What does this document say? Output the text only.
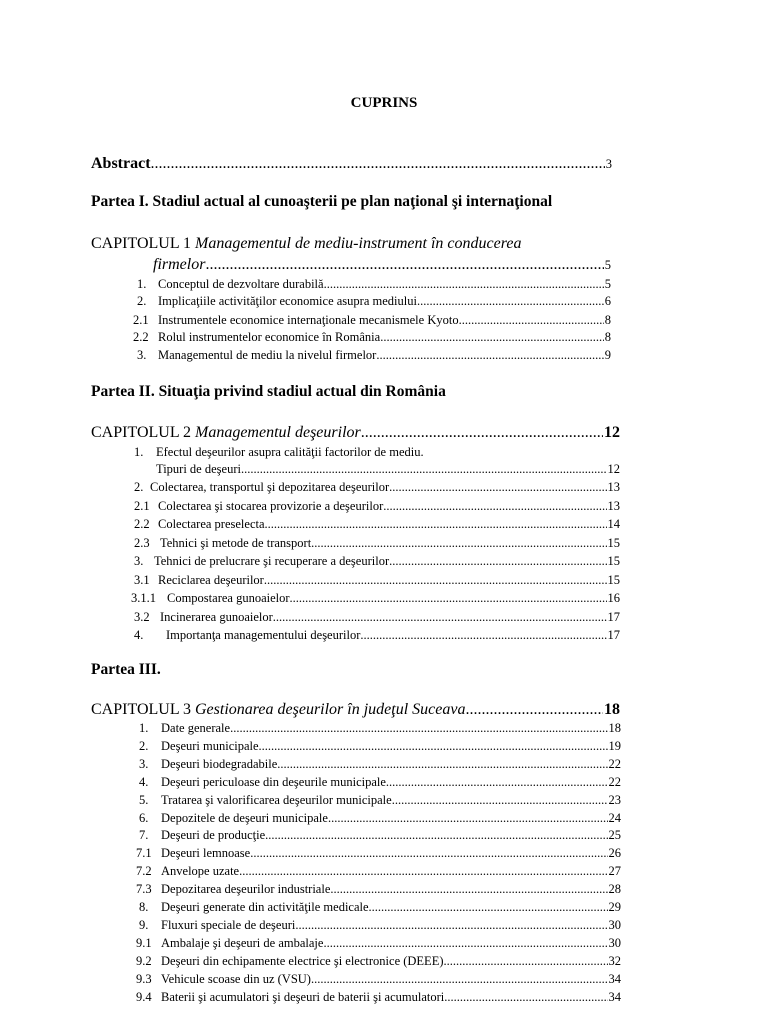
CUPRINS
Abstract .....	3
Partea I. Stadiul actual al cunoaşterii pe plan naţional şi internaţional
CAPITOLUL 1
Managementul de mediu-instrument în conducerea
firmelor .....	5
1. Conceptul de dezvoltare durabilă .....	5
2. Implicaţiile activităţilor economice asupra mediului .....	6
2.1 Instrumentele economice internaţionale mecanismele Kyoto .....	8
2.2 Rolul instrumentelor economice în România .....	8
3. Managementul de mediu la nivelul firmelor .....	9
Partea II. Situaţia privind stadiul actual din România
CAPITOLUL 2
Managementul deşeurilor .....	12
1. Efectul deşeurilor asupra calităţii factorilor de mediu.
Tipuri de deşeuri .....	12
2. Colectarea, transportul şi depozitarea deşeurilor .....	13
2.1 Colectarea şi stocarea provizorie a deşeurilor .....	13
2.2 Colectarea preselecta .....	14
2.3 Tehnici şi metode de transport .....	15
3. Tehnici de prelucrare şi recuperare a deşeurilor .....	15
3.1 Reciclarea deşeurilor .....	15
3.1.1 Compostarea gunoaielor .....	16
3.2 Incinerarea gunoaielor .....	17
4.	Importanţa managementului deşeurilor .....	17
Partea III.
CAPITOLUL 3
Gestionarea deşeurilor în judeţul Suceava .....	18
1.	Date generale .....	18
2.	Deşeuri municipale .....	19
3.	Deşeuri biodegradabile .....	22
4.	Deşeuri periculoase din deşeurile municipale .....	22
5.	Tratarea şi valorificarea deşeurilor municipale .....	23
6.	Depozitele de deşeuri municipale .....	24
7.	Deşeuri de producţie .....	25
7.1 Deşeuri lemnoase .....	26
7.2 Anvelope uzate .....	27
7.3 Depozitarea deşeurilor industriale .....	28
8.	Deşeuri generate din activităţile medicale .....	29
9.	Fluxuri speciale de deşeuri .....	30
9.1 Ambalaje şi deşeuri de ambalaje .....	30
9.2 Deşeuri din echipamente electrice şi electronice (DEEE) .....	32
9.3 Vehicule scoase din uz (VSU) .....	34
9.4 Baterii şi acumulatori şi deşeuri de baterii şi acumulatori .....	34
